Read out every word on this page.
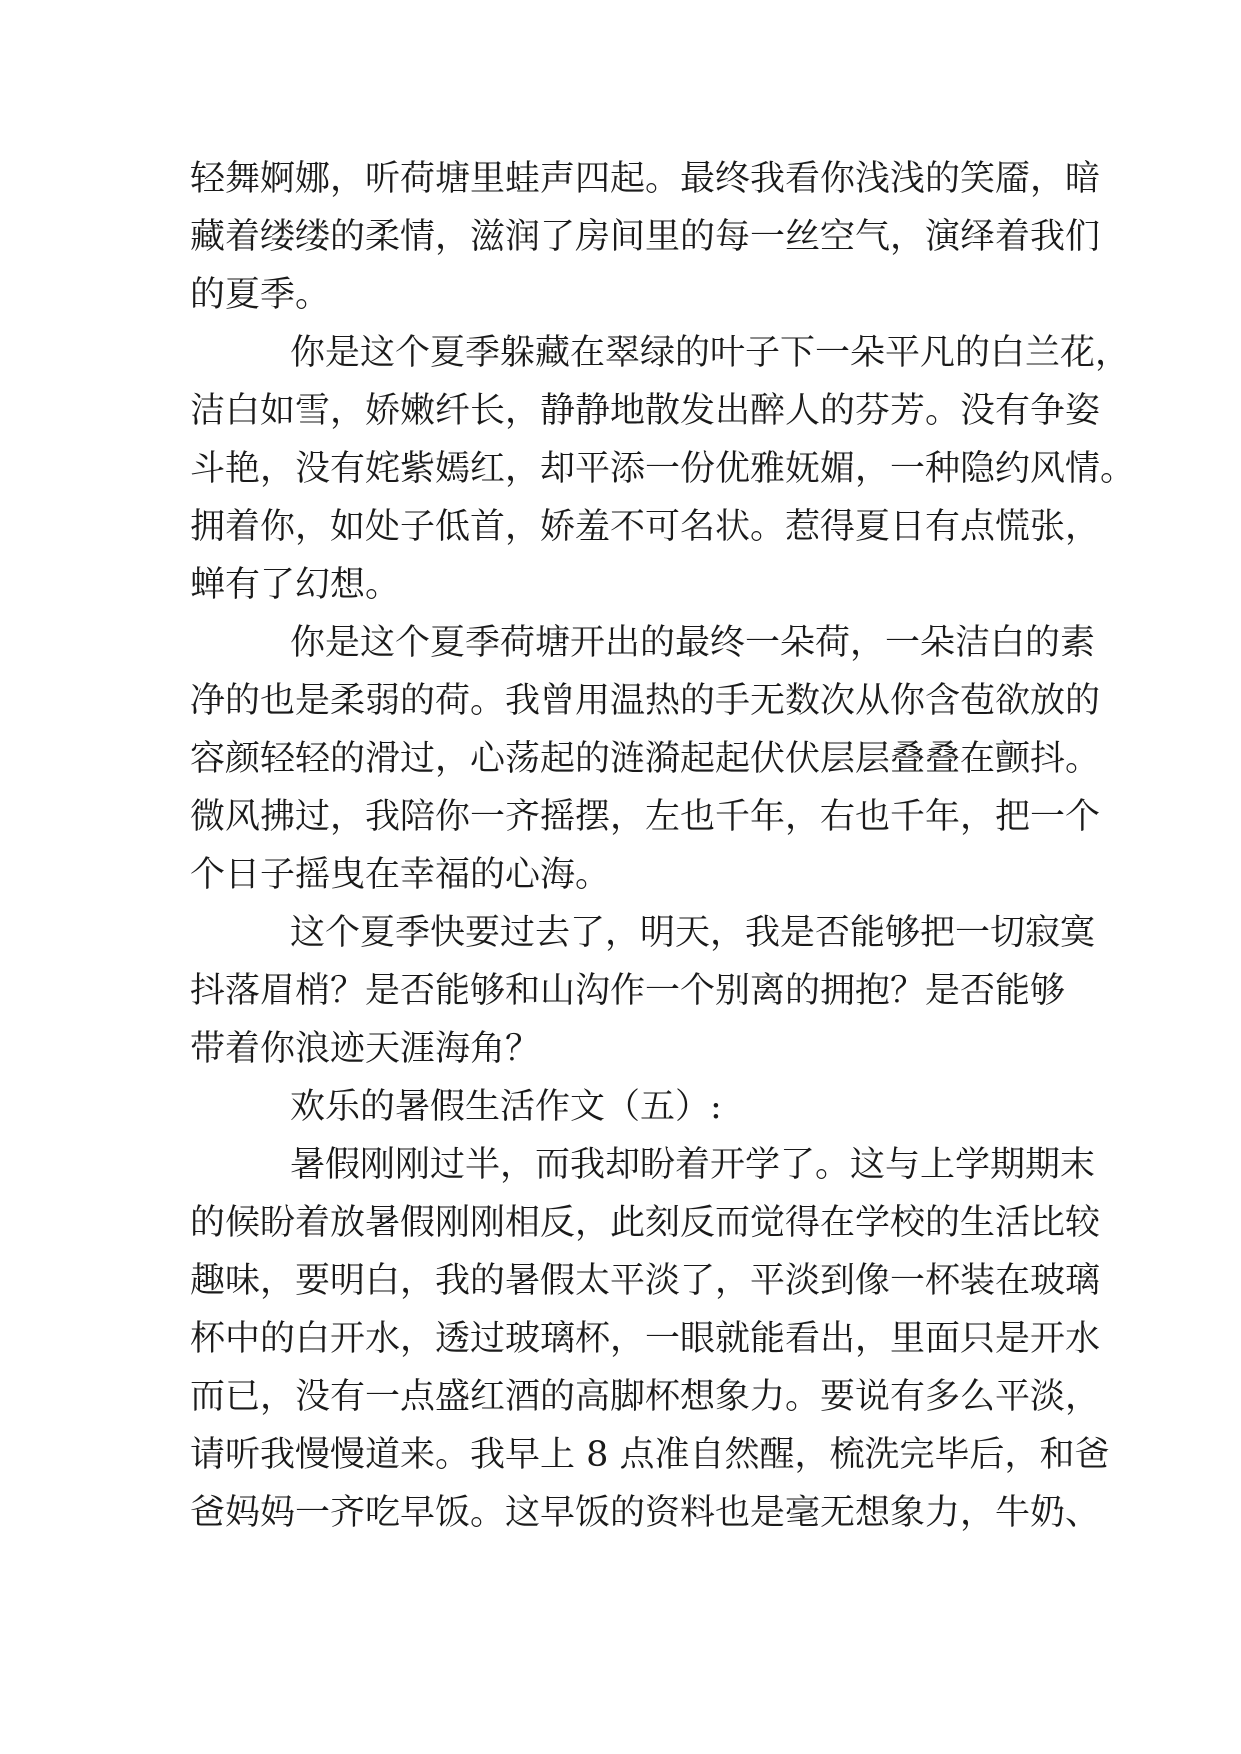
轻舞婀娜，听荷塘里蛙声四起。最终我看你浅浅的笑靥，暗
藏着缕缕的柔情，滋润了房间里的每一丝空气，演绎着我们
的夏季。
你是这个夏季躲藏在翠绿的叶子下一朵平凡的白兰花，
洁白如雪，娇嫩纤长，静静地散发出醉人的芬芳。没有争姿
斗艳，没有姹紫嫣红，却平添一份优雅妩媚，一种隐约风情。
拥着你，如处子低首，娇羞不可名状。惹得夏日有点慌张，
蝉有了幻想。
你是这个夏季荷塘开出的最终一朵荷，一朵洁白的素
净的也是柔弱的荷。我曾用温热的手无数次从你含苞欲放的
容颜轻轻的滑过，心荡起的涟漪起起伏伏层层叠叠在颤抖。
微风拂过，我陪你一齐摇摆，左也千年，右也千年，把一个
个日子摇曳在幸福的心海。
这个夏季快要过去了，明天，我是否能够把一切寂寞
抖落眉梢？是否能够和山沟作一个别离的拥抱？是否能够
带着你浪迹天涯海角？
欢乐的暑假生活作文（五）:
暑假刚刚过半，而我却盼着开学了。这与上学期期末
的候盼着放暑假刚刚相反，此刻反而觉得在学校的生活比较
趣味，要明白，我的暑假太平淡了，平淡到像一杯装在玻璃
杯中的白开水，透过玻璃杯，一眼就能看出，里面只是开水
而已，没有一点盛红酒的高脚杯想象力。要说有多么平淡，
请听我慢慢道来。我早上 8 点准自然醒，梳洗完毕后，和爸
爸妈妈一齐吃早饭。这早饭的资料也是毫无想象力，牛奶、
